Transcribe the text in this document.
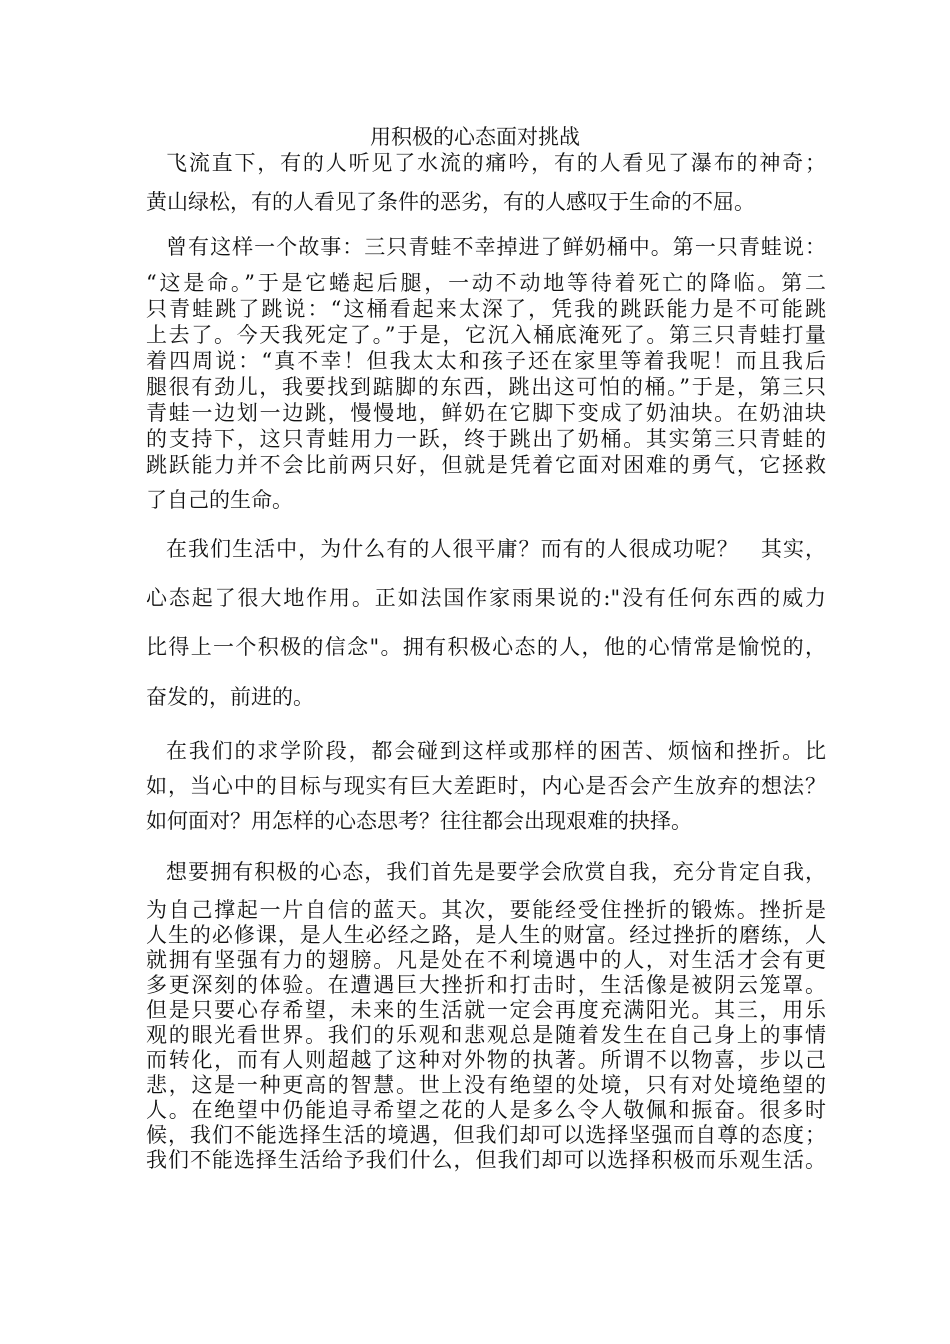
用积极的心态面对挑战
飞流直下，有的人听见了水流的痛吟，有的人看见了瀑布的神奇；
黄山绿松，有的人看见了条件的恶劣，有的人感叹于生命的不屈。
曾有这样一个故事：三只青蛙不幸掉进了鲜奶桶中。第一只青蛙说：
“这是命。”于是它蜷起后腿，一动不动地等待着死亡的降临。第二
只青蛙跳了跳说：“这桶看起来太深了，凭我的跳跃能力是不可能跳
上去了。今天我死定了。”于是，它沉入桶底淹死了。第三只青蛙打量
着四周说：“真不幸！但我太太和孩子还在家里等着我呢！而且我后
腿很有劲儿，我要找到踮脚的东西，跳出这可怕的桶。”于是，第三只
青蛙一边划一边跳，慢慢地，鲜奶在它脚下变成了奶油块。在奶油块
的支持下，这只青蛙用力一跃，终于跳出了奶桶。其实第三只青蛙的
跳跃能力并不会比前两只好，但就是凭着它面对困难的勇气，它拯救
了自己的生命。
在我们生活中，为什么有的人很平庸？而有的人很成功呢？　其实，
心态起了很大地作用。正如法国作家雨果说的:"没有任何东西的威力
比得上一个积极的信念"。拥有积极心态的人，他的心情常是愉悦的，
奋发的，前进的。
在我们的求学阶段，都会碰到这样或那样的困苦、烦恼和挫折。比
如，当心中的目标与现实有巨大差距时，内心是否会产生放弃的想法？
如何面对？用怎样的心态思考？往往都会出现艰难的抉择。
想要拥有积极的心态，我们首先是要学会欣赏自我，充分肯定自我，
为自己撑起一片自信的蓝天。其次，要能经受住挫折的锻炼。挫折是
人生的必修课，是人生必经之路，是人生的财富。经过挫折的磨练，人
就拥有坚强有力的翅膀。凡是处在不利境遇中的人，对生活才会有更
多更深刻的体验。在遭遇巨大挫折和打击时，生活像是被阴云笼罩。
但是只要心存希望，未来的生活就一定会再度充满阳光。其三，用乐
观的眼光看世界。我们的乐观和悲观总是随着发生在自己身上的事情
而转化，而有人则超越了这种对外物的执著。所谓不以物喜，步以己
悲，这是一种更高的智慧。世上没有绝望的处境，只有对处境绝望的
人。在绝望中仍能追寻希望之花的人是多么令人敬佩和振奋。很多时
候，我们不能选择生活的境遇，但我们却可以选择坚强而自尊的态度；
我们不能选择生活给予我们什么，但我们却可以选择积极而乐观生活。
